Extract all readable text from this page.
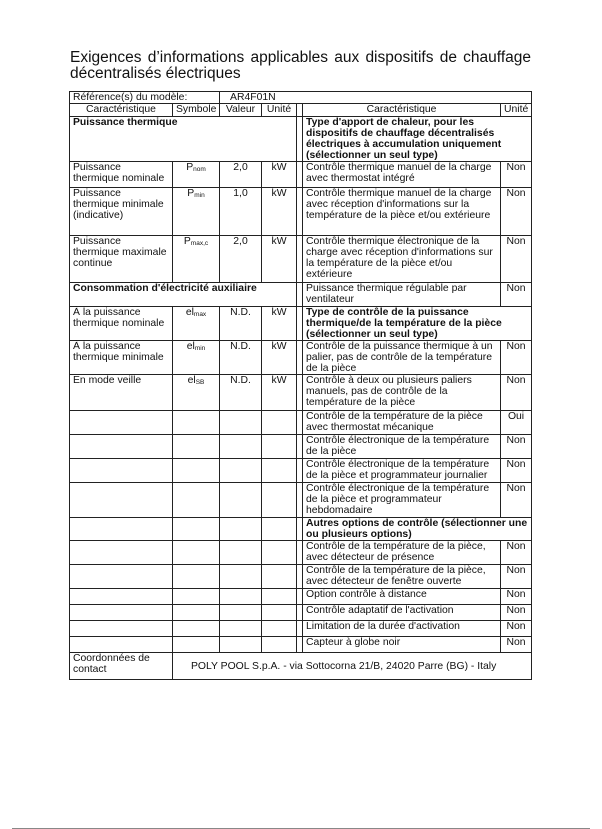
Exigences d’informations applicables aux dispositifs de chauffage décentralisés électriques
Référence(s) du modèle:		AR4F01N				
Caractéristique	Symbole	Valeur	Unité		Caractéristique	Unité
Puissance thermique					Type d'apport de chaleur, pour les dispositifs de chauffage décentralisés électriques à accumulation uniquement (sélectionner un seul type)	
Puissance thermique nominale	$P_{nom}$	2,0	kW		Contrôle thermique manuel de la charge avec thermostat intégré	Non
Puissance thermique minimale (indicative)	$P_{min}$	1,0	kW		Contrôle thermique manuel de la charge avec réception d'informations sur la température de la pièce et/ou extérieure	Non
Puissance thermique maximale continue	$P_{max,c}$	2,0	kW		Contrôle thermique électronique de la charge avec réception d'informations sur la température de la pièce et/ou extérieure	Non
Consommation d'électricité auxiliaire					Puissance thermique régulable par ventilateur	Non
À la puissance thermique nominale	$el_{max}$	N.D.	kW		Type de contrôle de la puissance thermique/de la température de la pièce (sélectionner un seul type)	
À la puissance thermique minimale	$el_{min}$	N.D.	kW		Contrôle de la puissance thermique à un palier, pas de contrôle de la température de la pièce	Non
En mode veille	$el_{SB}$	N.D.	kW		Contrôle à deux ou plusieurs paliers manuels, pas de contrôle de la température de la pièce	Non
					Contrôle de la température de la pièce avec thermostat mécanique	Oui
					Contrôle électronique de la température de la pièce	Non
					Contrôle électronique de la température de la pièce et programmateur journalier	Non
					Contrôle électronique de la température de la pièce et programmateur hebdomadaire	Non
					Autres options de contrôle (sélectionner une ou plusieurs options)	
					Contrôle de la température de la pièce, avec détecteur de présence	Non
					Contrôle de la température de la pièce, avec détecteur de fenêtre ouverte	Non
					Option contrôle à distance	Non
					Contrôle adaptatif de l'activation	Non
					Limitation de la durée d'activation	Non
					Capteur à globe noir	Non
Coordonnées de contact	POLY POOL S.p.A. - via Sottocorna 21/B, 24020 Parre (BG) - Italy					
